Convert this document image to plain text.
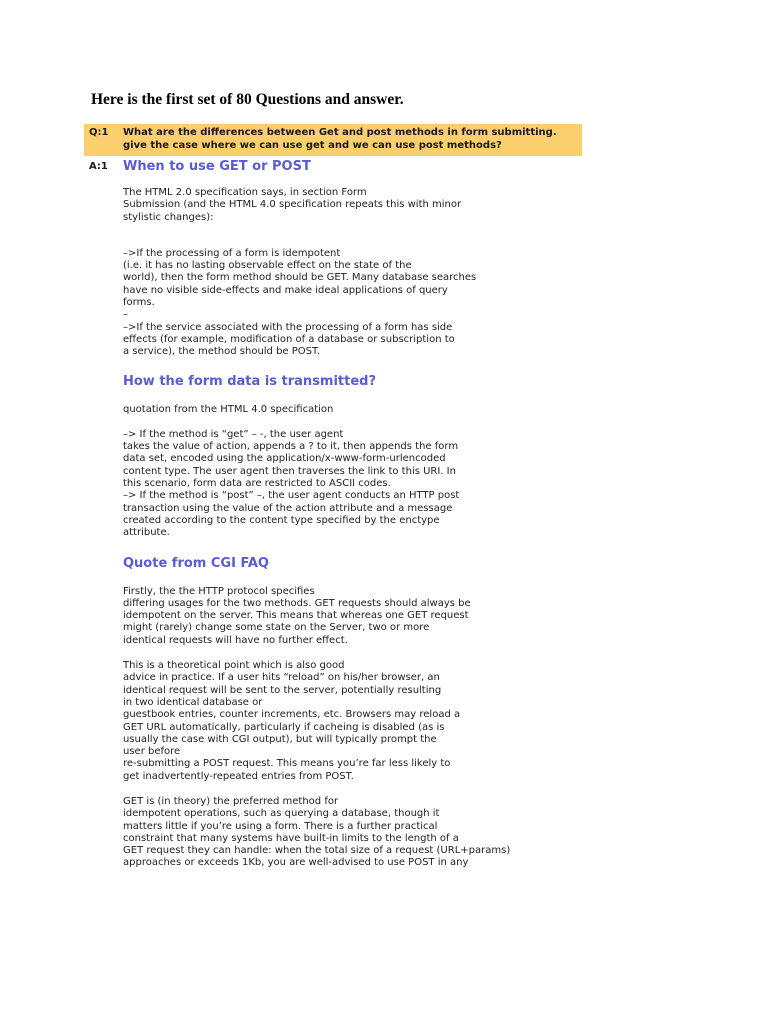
Here is the first set of 80 Questions and answer.
Q:1 What are the differences between Get and post methods in form submitting.
give the case where we can use get and we can use post methods?
A:1 When to use GET or POST

The HTML 2.0 specification says, in section Form
Submission (and the HTML 4.0 specification repeats this with minor
stylistic changes):

–>If the processing of a form is idempotent
(i.e. it has no lasting observable effect on the state of the
world), then the form method should be GET. Many database searches
have no visible side-effects and make ideal applications of query
forms.
–
–>If the service associated with the processing of a form has side
effects (for example, modification of a database or subscription to
a service), the method should be POST.

How the form data is transmitted?

quotation from the HTML 4.0 specification

–> If the method is “get” – -, the user agent
takes the value of action, appends a ? to it, then appends the form
data set, encoded using the application/x-www-form-urlencoded
content type. The user agent then traverses the link to this URI. In
this scenario, form data are restricted to ASCII codes.
–> If the method is “post” –, the user agent conducts an HTTP post
transaction using the value of the action attribute and a message
created according to the content type specified by the enctype
attribute.

Quote from CGI FAQ

Firstly, the the HTTP protocol specifies
differing usages for the two methods. GET requests should always be
idempotent on the server. This means that whereas one GET request
might (rarely) change some state on the Server, two or more
identical requests will have no further effect.

This is a theoretical point which is also good
advice in practice. If a user hits “reload” on his/her browser, an
identical request will be sent to the server, potentially resulting
in two identical database or
guestbook entries, counter increments, etc. Browsers may reload a
GET URL automatically, particularly if cacheing is disabled (as is
usually the case with CGI output), but will typically prompt the
user before
re-submitting a POST request. This means you’re far less likely to
get inadvertently-repeated entries from POST.

GET is (in theory) the preferred method for
idempotent operations, such as querying a database, though it
matters little if you’re using a form. There is a further practical
constraint that many systems have built-in limits to the length of a
GET request they can handle: when the total size of a request (URL+params)
approaches or exceeds 1Kb, you are well-advised to use POST in any
